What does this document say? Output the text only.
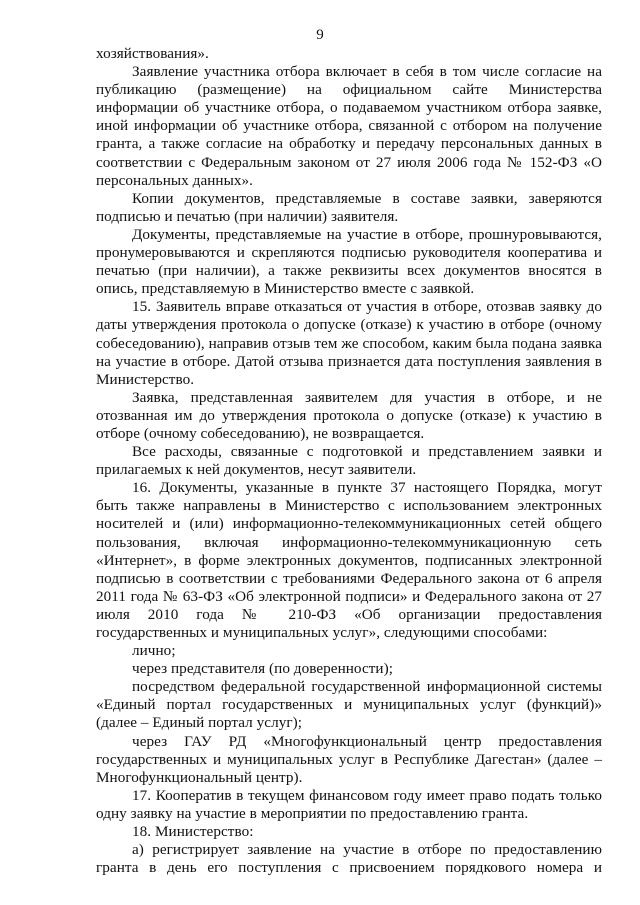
9

хозяйствования».

Заявление участника отбора включает в себя в том числе согласие на публикацию (размещение) на официальном сайте Министерства информации об участнике отбора, о подаваемом участником отбора заявке, иной информации об участнике отбора, связанной с отбором на получение гранта, а также согласие на обработку и передачу персональных данных в соответствии с Федеральным законом от 27 июля 2006 года № 152-ФЗ «О персональных данных».

Копии документов, представляемые в составе заявки, заверяются подписью и печатью (при наличии) заявителя.

Документы, представляемые на участие в отборе, прошнуровываются, пронумеровываются и скрепляются подписью руководителя кооператива и печатью (при наличии), а также реквизиты всех документов вносятся в опись, представляемую в Министерство вместе с заявкой.

15. Заявитель вправе отказаться от участия в отборе, отозвав заявку до даты утверждения протокола о допуске (отказе) к участию в отборе (очному собеседованию), направив отзыв тем же способом, каким была подана заявка на участие в отборе. Датой отзыва признается дата поступления заявления в Министерство.

Заявка, представленная заявителем для участия в отборе, и не отозванная им до утверждения протокола о допуске (отказе) к участию в отборе (очному собеседованию), не возвращается.

Все расходы, связанные с подготовкой и представлением заявки и прилагаемых к ней документов, несут заявители.

16. Документы, указанные в пункте 37 настоящего Порядка, могут быть также направлены в Министерство с использованием электронных носителей и (или) информационно-телекоммуникационных сетей общего пользования, включая информационно-телекоммуникационную сеть «Интернет», в форме электронных документов, подписанных электронной подписью в соответствии с требованиями Федерального закона от 6 апреля 2011 года № 63-ФЗ «Об электронной подписи» и Федерального закона от 27 июля 2010 года № 210-ФЗ «Об организации предоставления государственных и муниципальных услуг», следующими способами:

лично;

через представителя (по доверенности);

посредством федеральной государственной информационной системы «Единый портал государственных и муниципальных услуг (функций)» (далее – Единый портал услуг);

через ГАУ РД «Многофункциональный центр предоставления государственных и муниципальных услуг в Республике Дагестан» (далее – Многофункциональный центр).

17. Кооператив в текущем финансовом году имеет право подать только одну заявку на участие в мероприятии по предоставлению гранта.

18. Министерство:

а) регистрирует заявление на участие в отборе по предоставлению гранта в день его поступления с присвоением порядкового номера и
